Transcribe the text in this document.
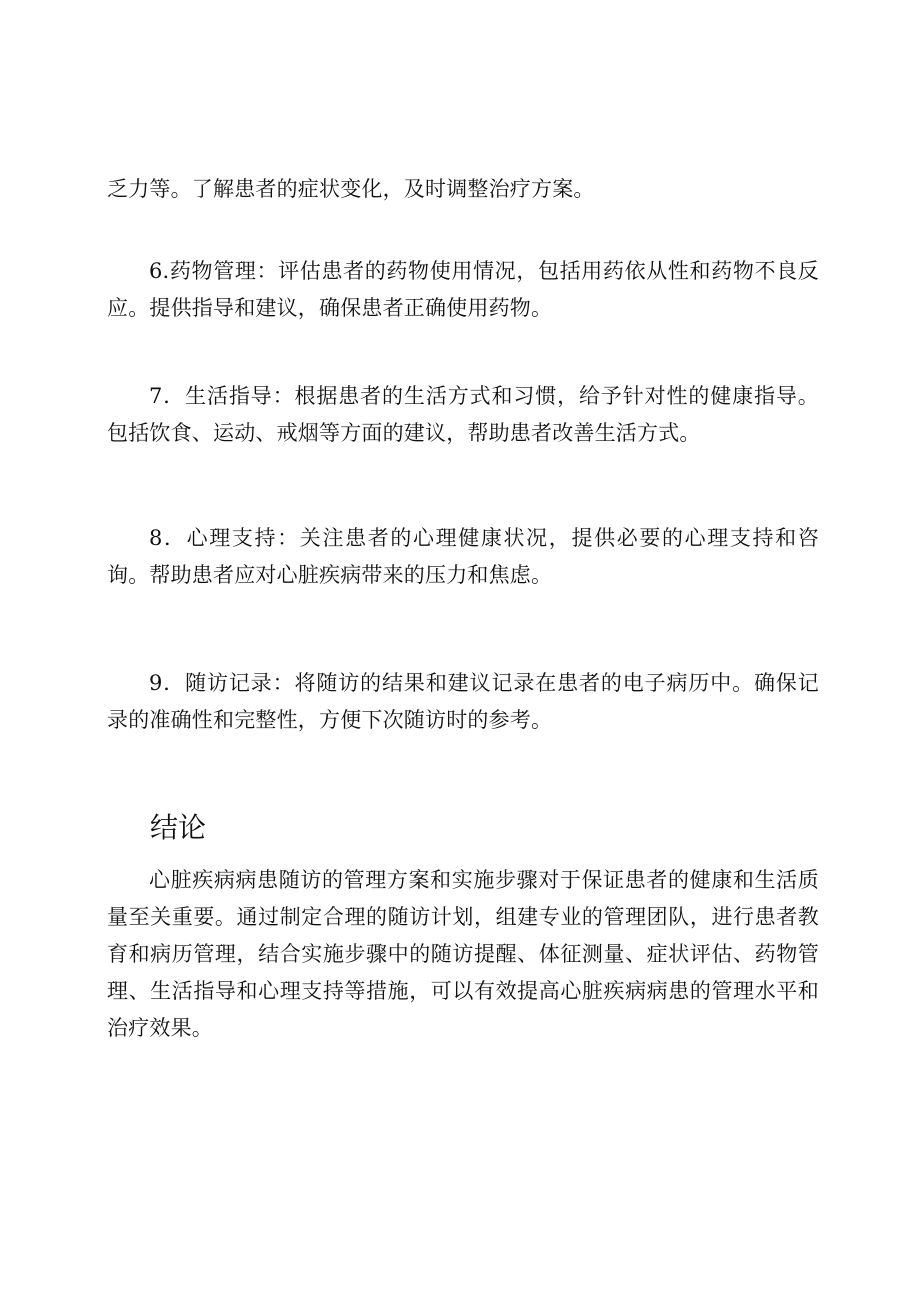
乏力等。了解患者的症状变化，及时调整治疗方案。

6.药物管理：评估患者的药物使用情况，包括用药依从性和药物不良反应。提供指导和建议，确保患者正确使用药物。

7．生活指导：根据患者的生活方式和习惯，给予针对性的健康指导。包括饮食、运动、戒烟等方面的建议，帮助患者改善生活方式。

8．心理支持：关注患者的心理健康状况，提供必要的心理支持和咨询。帮助患者应对心脏疾病带来的压力和焦虑。

9．随访记录：将随访的结果和建议记录在患者的电子病历中。确保记录的准确性和完整性，方便下次随访时的参考。

结论

心脏疾病病患随访的管理方案和实施步骤对于保证患者的健康和生活质量至关重要。通过制定合理的随访计划，组建专业的管理团队，进行患者教育和病历管理，结合实施步骤中的随访提醒、体征测量、症状评估、药物管理、生活指导和心理支持等措施，可以有效提高心脏疾病病患的管理水平和治疗效果。
